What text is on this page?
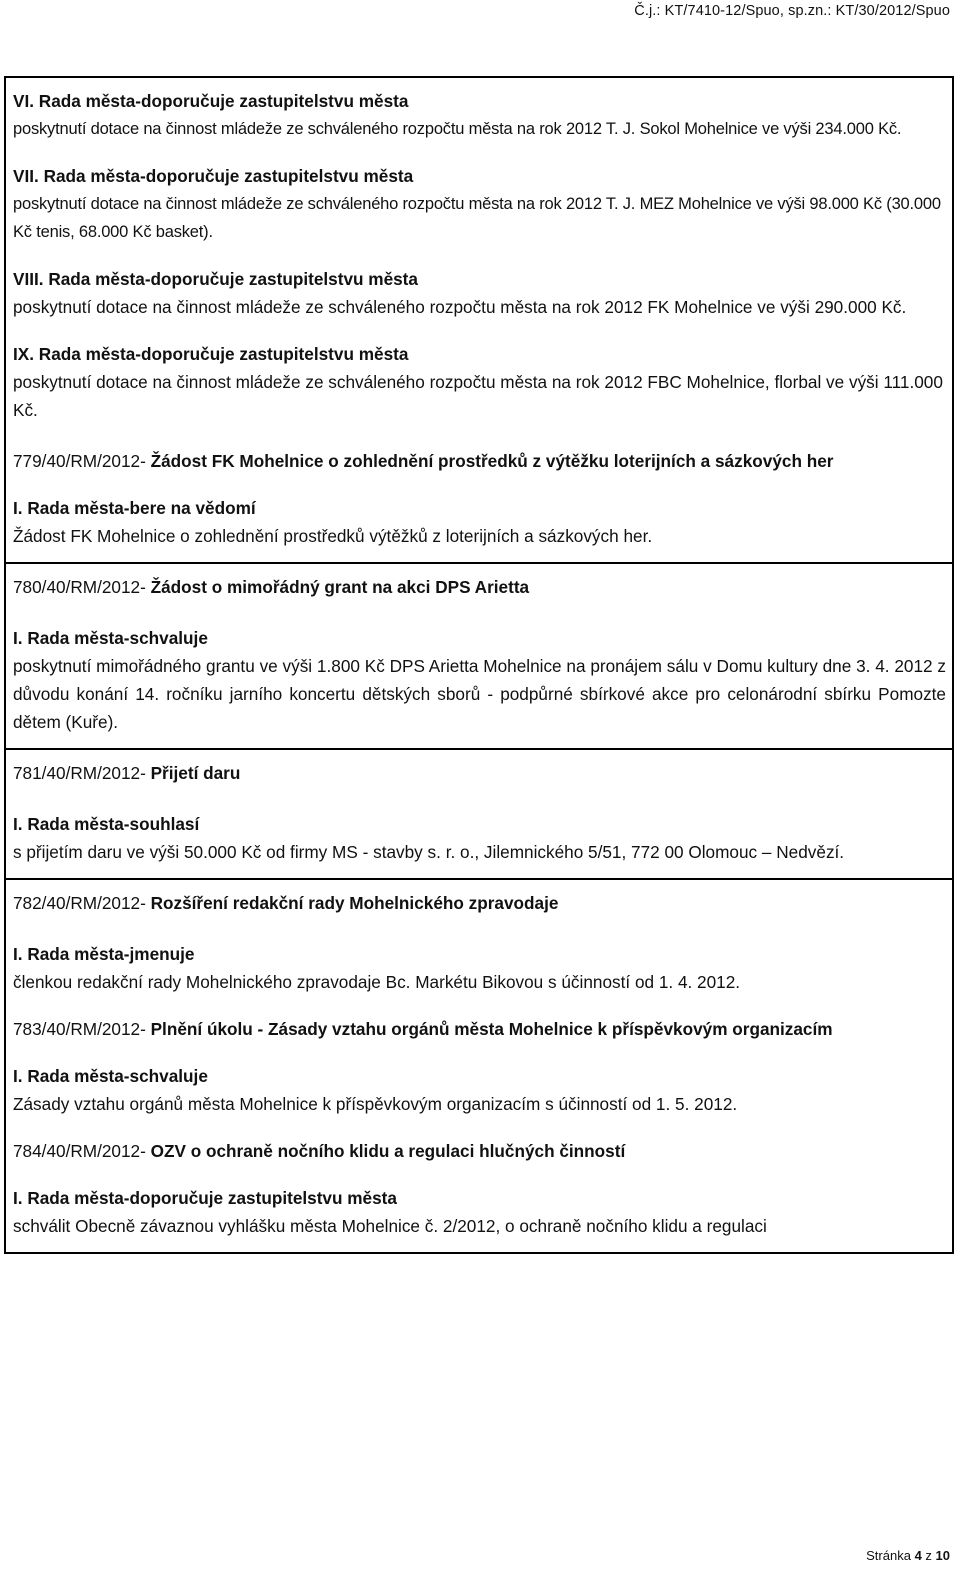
Č.j.: KT/7410-12/Spuo, sp.zn.: KT/30/2012/Spuo

VI. Rada města-doporučuje zastupitelstvu města

poskytnutí dotace na činnost mládeže ze schváleného rozpočtu města na rok 2012 T. J. Sokol Mohelnice ve výši 234.000 Kč.

VII. Rada města-doporučuje zastupitelstvu města

poskytnutí dotace na činnost mládeže ze schváleného rozpočtu města na rok 2012 T. J. MEZ Mohelnice ve výši 98.000 Kč (30.000 Kč tenis, 68.000 Kč basket).

VIII. Rada města-doporučuje zastupitelstvu města

poskytnutí dotace na činnost mládeže ze schváleného rozpočtu města na rok 2012 FK Mohelnice ve výši 290.000 Kč.

IX. Rada města-doporučuje zastupitelstvu města

poskytnutí dotace na činnost mládeže ze schváleného rozpočtu města na rok 2012 FBC Mohelnice, florbal ve výši 111.000 Kč.

779/40/RM/2012- Žádost FK Mohelnice o zohlednění prostředků z výtěžku loterijních a sázkových her

I. Rada města-bere na vědomí

Žádost FK Mohelnice o zohlednění prostředků výtěžků z loterijních a sázkových her.

780/40/RM/2012- Žádost o mimořádný grant na akci DPS Arietta

I. Rada města-schvaluje

poskytnutí mimořádného grantu ve výši 1.800 Kč DPS Arietta Mohelnice na pronájem sálu v Domu kultury dne 3. 4. 2012 z důvodu konání 14. ročníku jarního koncertu dětských sborů - podpůrné sbírkové akce pro celonárodní sbírku Pomozte dětem (Kuře).

781/40/RM/2012- Přijetí daru

I. Rada města-souhlasí

s přijetím daru ve výši 50.000 Kč od firmy MS - stavby s. r. o., Jilemnického 5/51, 772 00 Olomouc – Nedvězí.

782/40/RM/2012- Rozšíření redakční rady Mohelnického zpravodaje

I. Rada města-jmenuje

členkou redakční rady Mohelnického zpravodaje Bc. Markétu Bikovou s účinností od 1. 4. 2012.

783/40/RM/2012- Plnění úkolu - Zásady vztahu orgánů města Mohelnice k příspěvkovým organizacím

I. Rada města-schvaluje

Zásady vztahu orgánů města Mohelnice k příspěvkovým organizacím s účinností od 1. 5. 2012.

784/40/RM/2012- OZV o ochraně nočního klidu a regulaci hlučných činností

I. Rada města-doporučuje zastupitelstvu města

schválit Obecně závaznou vyhlášku města Mohelnice č. 2/2012, o ochraně nočního klidu a regulaci

Stránka 4 z 10
